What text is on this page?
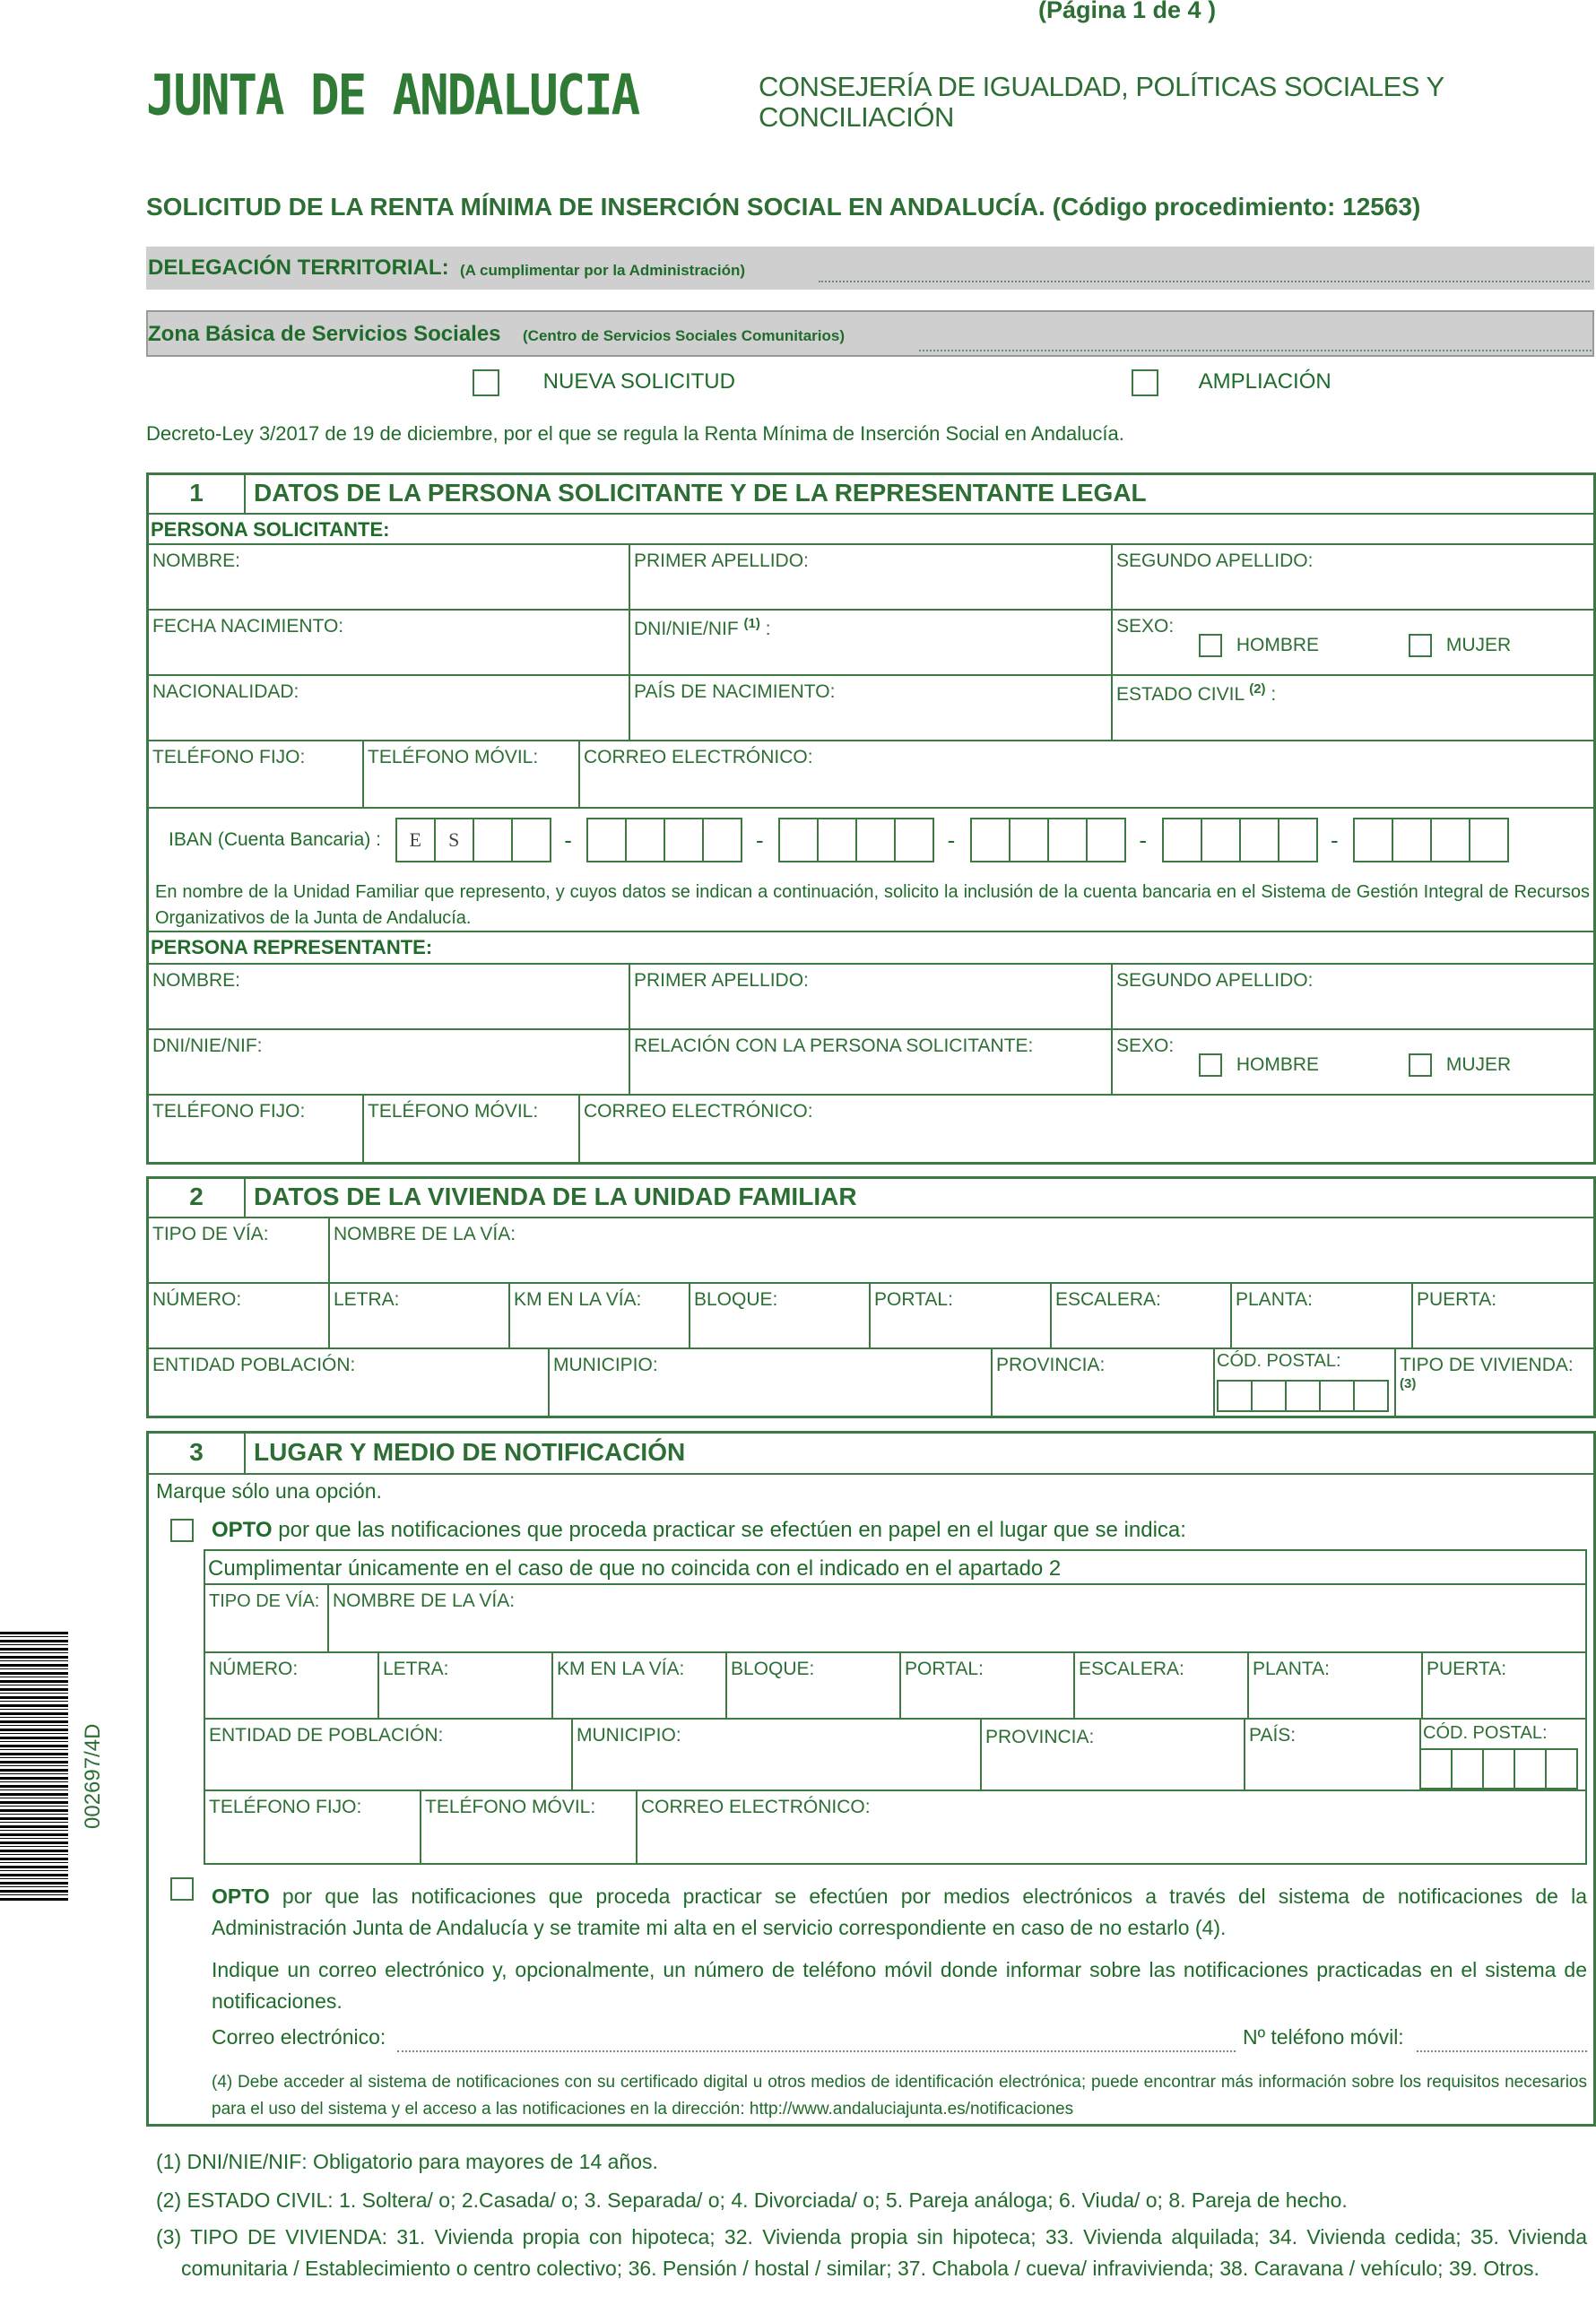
(Página 1 de 4 )
JUNTA DE ANDALUCIA	CONSEJERÍA DE IGUALDAD, POLÍTICAS SOCIALES Y CONCILIACIÓN
SOLICITUD DE LA RENTA MÍNIMA DE INSERCIÓN SOCIAL EN ANDALUCÍA. (Código procedimiento: 12563)
DELEGACIÓN TERRITORIAL: (A cumplimentar por la Administración)
Zona Básica de Servicios Sociales (Centro de Servicios Sociales Comunitarios)
NUEVA SOLICITUD	AMPLIACIÓN
Decreto-Ley 3/2017 de 19 de diciembre, por el que se regula la Renta Mínima de Inserción Social en Andalucía.
1	DATOS DE LA PERSONA SOLICITANTE Y DE LA REPRESENTANTE LEGAL
PERSONA SOLICITANTE:
NOMBRE:	PRIMER APELLIDO:	SEGUNDO APELLIDO:
FECHA NACIMIENTO:	DNI/NIE/NIF $^{(1)}$ :	SEXO:
HOMBRE	MUJER
NACIONALIDAD:	PAÍS DE NACIMIENTO:	ESTADO CIVIL $^{(2)}$ :
TELÉFONO FIJO:	TELÉFONO MÓVIL:	CORREO ELECTRÓNICO:
IBAN (Cuenta Bancaria) : E S	-	-	-	-	-
En nombre de la Unidad Familiar que represento, y cuyos datos se indican a continuación, solicito la inclusión de la cuenta bancaria en el Sistema de Gestión Integral de Recursos Organizativos de la Junta de Andalucía.
PERSONA REPRESENTANTE:
NOMBRE:	PRIMER APELLIDO:	SEGUNDO APELLIDO:
DNI/NIE/NIF:	RELACIÓN CON LA PERSONA SOLICITANTE:	SEXO:
HOMBRE	MUJER
TELÉFONO FIJO:	TELÉFONO MÓVIL:	CORREO ELECTRÓNICO:
2	DATOS DE LA VIVIENDA DE LA UNIDAD FAMILIAR
TIPO DE VÍA:	NOMBRE DE LA VÍA:
NÚMERO:	LETRA:	KM EN LA VÍA:	BLOQUE:	PORTAL:	ESCALERA:	PLANTA:	PUERTA:
ENTIDAD POBLACIÓN:	MUNICIPIO:	PROVINCIA:	CÓD. POSTAL:	TIPO DE VIVIENDA: $^{(3)}$
3	LUGAR Y MEDIO DE NOTIFICACIÓN
Marque sólo una opción.
OPTO por que las notificaciones que proceda practicar se efectúen en papel en el lugar que se indica:
Cumplimentar únicamente en el caso de que no coincida con el indicado en el apartado 2
TIPO DE VÍA: NOMBRE DE LA VÍA:
NÚMERO:	LETRA:	KM EN LA VÍA:	BLOQUE:	PORTAL:	ESCALERA:	PLANTA:	PUERTA:
ENTIDAD DE POBLACIÓN:	MUNICIPIO:	PROVINCIA:	PAÍS:	CÓD. POSTAL:
TELÉFONO FIJO:	TELÉFONO MÓVIL:	CORREO ELECTRÓNICO:
OPTO por que las notificaciones que proceda practicar se efectúen por medios electrónicos a través del sistema de notificaciones de la Administración Junta de Andalucía y se tramite mi alta en el servicio correspondiente en caso de no estarlo (4).
Indique un correo electrónico y, opcionalmente, un número de teléfono móvil donde informar sobre las notificaciones practicadas en el sistema de notificaciones.
Correo electrónico:	Nº teléfono móvil:
(4) Debe acceder al sistema de notificaciones con su certificado digital u otros medios de identificación electrónica; puede encontrar más información sobre los requisitos necesarios para el uso del sistema y el acceso a las notificaciones en la dirección: http://www.andaluciajunta.es/notificaciones
(1) DNI/NIE/NIF: Obligatorio para mayores de 14 años.
(2) ESTADO CIVIL: 1. Soltera/ o; 2.Casada/ o; 3. Separada/ o; 4. Divorciada/ o; 5. Pareja análoga; 6. Viuda/ o; 8. Pareja de hecho.
(3) TIPO DE VIVIENDA: 31. Vivienda propia con hipoteca; 32. Vivienda propia sin hipoteca; 33. Vivienda alquilada; 34. Vivienda cedida; 35. Vivienda comunitaria / Establecimiento o centro colectivo; 36. Pensión / hostal / similar; 37. Chabola / cueva/ infravivienda; 38. Caravana / vehículo; 39. Otros.
002697/4D
